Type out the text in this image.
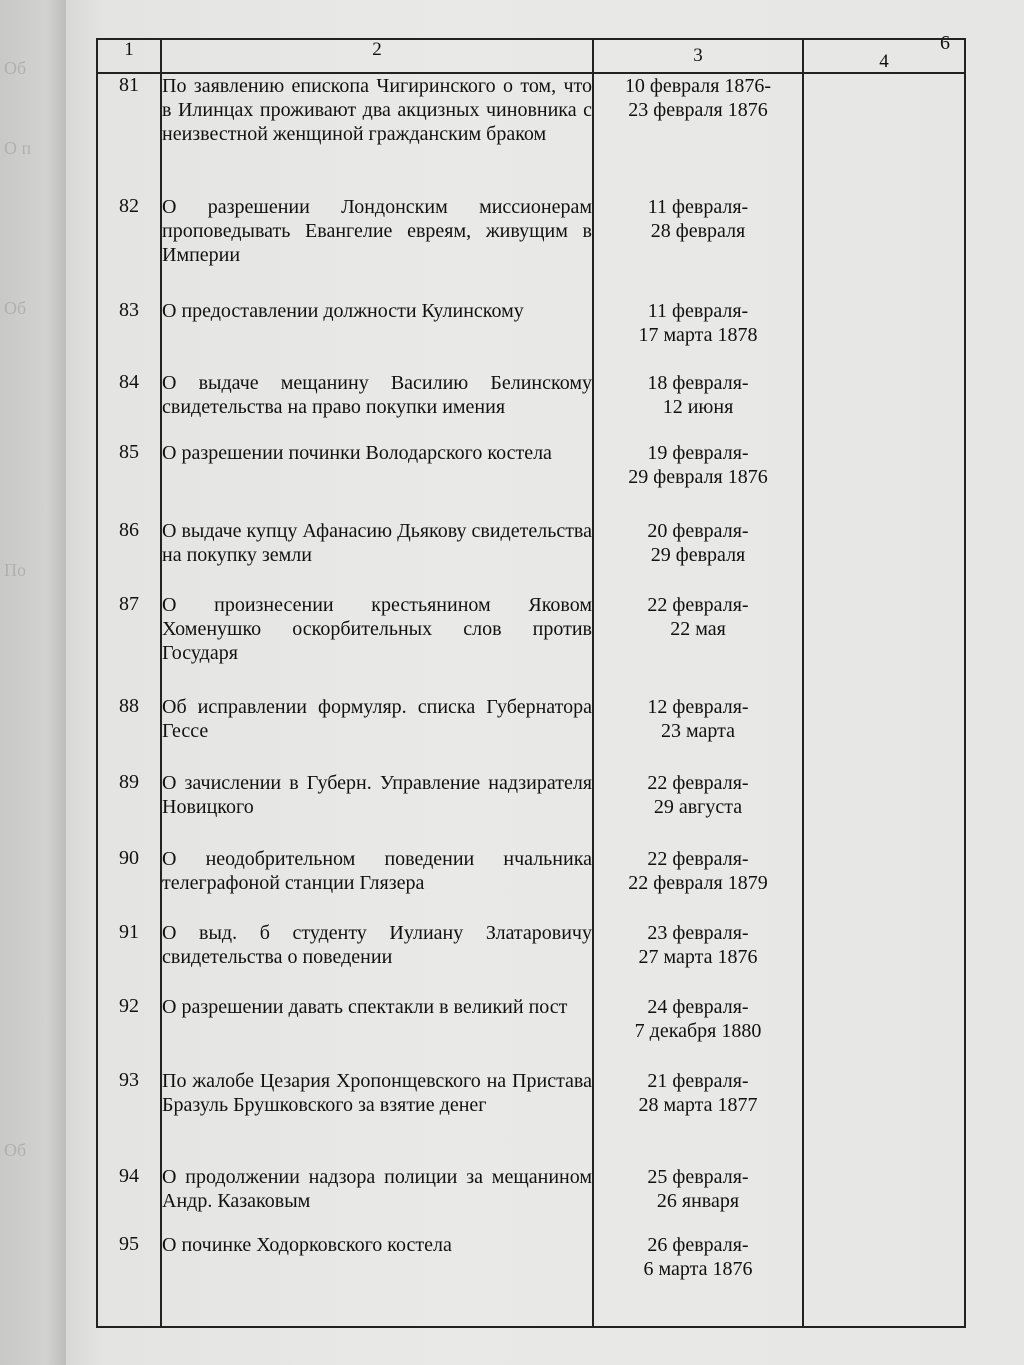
Об
О п
Об
По
Об
6
1	2	3	4
81	По заявлению епископа Чигиринского о том, что в Илинцах проживают два акцизных чиновника с неизвестной женщиной гражданским браком	10 февраля 1876-
23 февраля 1876	
82	О разрешении Лондонским миссионерам проповедывать Евангелие евреям, живущим в Империи	11 февраля-
28 февраля	
83	О предоставлении должности Кулинскому	11 февраля-
17 марта 1878	
84	О выдаче мещанину Василию Белинскому свидетельства на право покупки имения	18 февраля-
12 июня	
85	О разрешении починки Володарского костела	19 февраля-
29 февраля 1876	
86	О выдаче купцу Афанасию Дьякову свидетельства на покупку земли	20 февраля-
29 февраля	
87	О произнесении крестьянином Яковом Хоменушко оскорбительных слов против Государя	22 февраля-
22 мая	
88	Об исправлении формуляр. списка Губернатора Гессе	12 февраля-
23 марта	
89	О зачислении в Губерн. Управление надзирателя Новицкого	22 февраля-
29 августа	
90	О неодобрительном поведении нчальника телеграфоной станции Глязера	22 февраля-
22 февраля 1879	
91	О выд. б студенту Иулиану Златаровичу свидетельства о поведении	23 февраля-
27 марта 1876	
92	О разрешении давать спектакли в великий пост	24 февраля-
7 декабря 1880	
93	По жалобе Цезария Хропонщевского на Пристава Бразуль Брушковского за взятие денег	21 февраля-
28 марта 1877	
94	О продолжении надзора полиции за мещанином Андр. Казаковым	25 февраля-
26 января	
95	О починке Ходорковского костела	26 февраля-
6 марта 1876	
